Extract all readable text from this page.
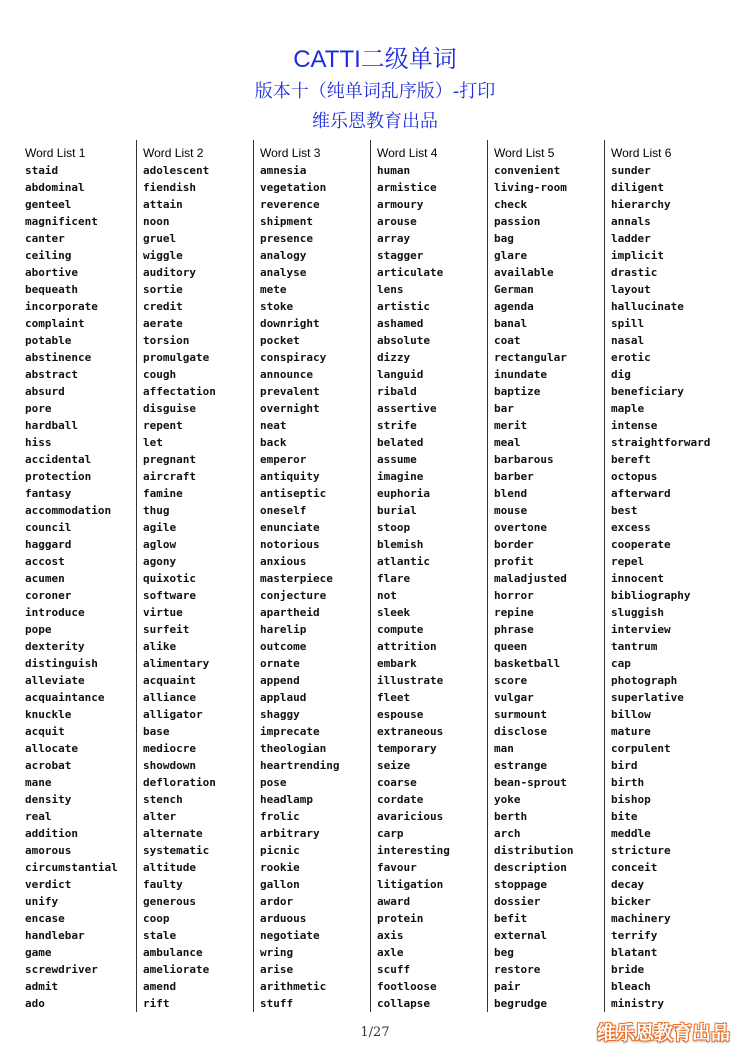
CATTI二级单词
版本十（纯单词乱序版）-打印
维乐恩教育出品
Word List 1
staid
abdominal
genteel
magnificent
canter
ceiling
abortive
bequeath
incorporate
complaint
potable
abstinence
abstract
absurd
pore
hardball
hiss
accidental
protection
fantasy
accommodation
council
haggard
accost
acumen
coroner
introduce
pope
dexterity
distinguish
alleviate
acquaintance
knuckle
acquit
allocate
acrobat
mane
density
real
addition
amorous
circumstantial
verdict
unify
encase
handlebar
game
screwdriver
admit
ado
Word List 2
adolescent
fiendish
attain
noon
gruel
wiggle
auditory
sortie
credit
aerate
torsion
promulgate
cough
affectation
disguise
repent
let
pregnant
aircraft
famine
thug
agile
aglow
agony
quixotic
software
virtue
surfeit
alike
alimentary
acquaint
alliance
alligator
base
mediocre
showdown
defloration
stench
alter
alternate
systematic
altitude
faulty
generous
coop
stale
ambulance
ameliorate
amend
rift
Word List 3
amnesia
vegetation
reverence
shipment
presence
analogy
analyse
mete
stoke
downright
pocket
conspiracy
announce
prevalent
overnight
neat
back
emperor
antiquity
antiseptic
oneself
enunciate
notorious
anxious
masterpiece
conjecture
apartheid
harelip
outcome
ornate
append
applaud
shaggy
imprecate
theologian
heartrending
pose
headlamp
frolic
arbitrary
picnic
rookie
gallon
ardor
arduous
negotiate
wring
arise
arithmetic
stuff
Word List 4
human
armistice
armoury
arouse
array
stagger
articulate
lens
artistic
ashamed
absolute
dizzy
languid
ribald
assertive
strife
belated
assume
imagine
euphoria
burial
stoop
blemish
atlantic
flare
not
sleek
compute
attrition
embark
illustrate
fleet
espouse
extraneous
temporary
seize
coarse
cordate
avaricious
carp
interesting
favour
litigation
award
protein
axis
axle
scuff
footloose
collapse
Word List 5
convenient
living-room
check
passion
bag
glare
available
German
agenda
banal
coat
rectangular
inundate
baptize
bar
merit
meal
barbarous
barber
blend
mouse
overtone
border
profit
maladjusted
horror
repine
phrase
queen
basketball
score
vulgar
surmount
disclose
man
estrange
bean-sprout
yoke
berth
arch
distribution
description
stoppage
dossier
befit
external
beg
restore
pair
begrudge
Word List 6
sunder
diligent
hierarchy
annals
ladder
implicit
drastic
layout
hallucinate
spill
nasal
erotic
dig
beneficiary
maple
intense
straightforward
bereft
octopus
afterward
best
excess
cooperate
repel
innocent
bibliography
sluggish
interview
tantrum
cap
photograph
superlative
billow
mature
corpulent
bird
birth
bishop
bite
meddle
stricture
conceit
decay
bicker
machinery
terrify
blatant
bride
bleach
ministry
1/27	维乐恩教育出品
